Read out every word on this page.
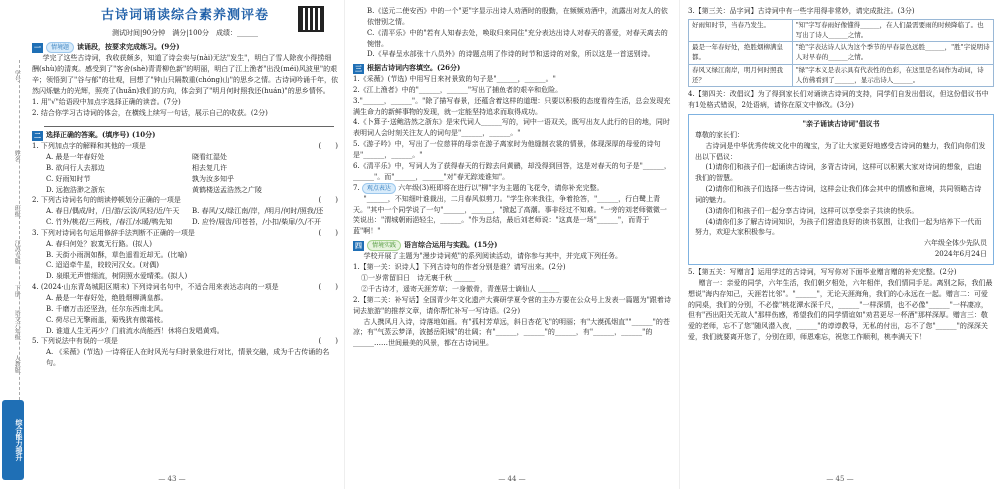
学号
姓名
班级
江苏专版
下册
语文六年级
人教版
综合能力提升
古诗词诵读综合素养测评卷
测试时间|90分钟　满分|100分　成绩：______
一	情境题	读诵段，按要求完成练习。(9分)

学完了这些古诗词，我收获颇多，知道了诗会卖与(nài)无法"发生"，明白了雪人除夜小得捞细酬(shù)的清爽。感受到了"客舍(shè)青青柳色新"的明丽，明白了江上渔者"出没(méi)风波里"的艰辛；领悟到了"谷与郁"的壮观，回想了"钟山只隔数重(chóng)山"的思乡之情。古诗词吟诵千年，依然闪烁魅力的光辉，照亮了(huǎn)我们的方向，体会到了"明月何时照我还(huán)"的思乡情怀。

1. 用"√"给语段中加点字选择正确的读音。(7分)

2. 结合你学习古诗词的体会，在横线上续写一句话，展示自己的收获。(2分)

二 选择正确的答案。(填序号) (10分)

1. 下列加点字的解释和其他的一项是	(　　)

A. 最是一年春好处	晓看红湿处
B. 欲问行人去那边	相去复几许
C. 好雨知时节	孰为汝多知乎
D. 远抱浩渺之浙东	黄鹤楼送孟浩然之广陵

2. 下列古诗词名句的朗读停顿划分正确的一项是	(　　)

A. 春日/偶成/时，/日/游/云淡/风轻/近/午天	B. 春风/又/绿江南/岸，/明月/何时/照我/还
C. 竹外/桃花/三两枝，/春江/水暖/鸭先知	D. 应怜/屐齿/印苍苔，/小扣/柴扉/久/不开

3. 下列对诗词名句运用修辞手法判断不正确的一项是	(　　)

A. 春归何处？寂寞无行路。(拟人)

B. 天街小雨润如酥，草色遥看近却无。(比喻)

C. 迢迢牵牛星，皎皎河汉女。(对偶)

D. 泉眼无声惜细流，树阴照水爱晴柔。(拟人)

4. (2024·山东青岛城阳区期末) 下列诗词名句中，不适合用来表达志向的一项是	(　　)

A. 最是一年春好处，绝胜烟柳满皇都。

B. 千磨万击还坚劲，任尔东西南北风。

C. 荷尽已无擎雨盖，菊残犹有傲霜枝。

D. 谁道人生无再少？门前流水尚能西！休将白发唱黄鸡。

5. 下列说法中有误的一项是	(　　)

A. 《采薇》(节选) 一诗将征人在时风光与归时景象进行对比，情景交融，成为千古传诵的名句。

— 43 —

B.《送元二使安西》中的一个"更"字显示出诗人劝酒时的殷勤，在频频劝酒中，流露出对友人的依依惜别之情。

C.《清平乐》中的"若有人知春去处，唤取归来同住"充分表达出诗人对春天的喜爱，对春天离去的惋惜。

D.《早春呈水部张十八员外》的诗题点明了作诗的时节和送诗的对象，所以这是一首送别诗。

三 根据古诗词内容填空。(26分)

1.《采薇》(节选) 中用写日来衬景致的句子是"______，______。"

2.《江上渔者》中的"______，______"写出了捕鱼者的艰辛和危险。

3."______，______"。"除了描写春景，还蕴含着这样的道理：只要以积极的态度看待生活，总会发现充满生命力的新鲜事物的发现，就一定能坚持追求而取得成功。

4.《卜算子·送鲍浩然之浙东》是宋代词人______写的，词中一语双关，既写出友人此行的目的地，同时表明词人会时刻关注友人的词句是"______，______。"

5.《游子吟》中，写出了一位慈祥的母亲在游子离家时为他缝制衣裳的情景，体现深厚的母爱的诗句是"______，______。"

6.《清平乐》中，写词人为了获得春天的行踪去问黄鹂，却没得到回答，这是对春天的句子是"______，______"。而"______，______"对"春无踪迹谁知"。

7. 观点表达	六年级(3)班即将在进行以"柳"字为主题的飞花令，请你补充完整。

"______，不知细叶谁裁出，二月春风似剪刀。"学生你来我往，争着抢答，"______，行白鹭上青天。"其中一个同学说了一句"______，______，"掀起了高潮。事非经过不知难。"一旁的刘老师微微一笑说出："渭城朝雨浥轻尘，______。"作为总结，最后刘老师说："这真是一场"______"，而青于蓝"啊！"

四	情境实践	语言综合运用与实践。(15分)

学校开展了主题为"漫步诗词苑"的系列阅读活动，请你参与其中，并完成下列任务。

1.【第一关：识诗人】下列古诗句的作者分别是谁？请写出来。(2分)

①一岁常留旧日　诗无裏千秋 ______

②千古诗才，遥寄天涯芳草；一身傲骨，青莲居士谪仙人 ______

2.【第二关：补写话】全国青少年文化遗产大赛研学夏令营的主办方要在公众号上发表一篇题为"跟着诗词去旅游"的推荐文章，请你帮忙补写一写诗语。(2分)

古人携风月入诗，诗落地如画。有"孤村芳草远，斜日杏花飞"的明丽；有"大漠孤烟直""______"的苍凉；有"气蒸云梦泽，波撼岳阳城"的壮阔；有"______，______"的______，有"______，______"的______……世间最美的风景，都在古诗词里。

— 44 —

3.【第三关：品字词】古诗词中有一些字用得非常妙，请完成批注。(3分)

好雨知时节，当春乃发生。	"知"字写春雨好像懂得______，在人们最需要雨的时候降临了。也写出了诗人______之情。
最是一年春好处，绝胜烟柳满皇都。	"绝"字表达诗人认为这个季节的早春景色远胜______，"胜"字说明诗人对早春的______之情。
春风又绿江南岸，明月何时照我还？	"绿"字本义是表示具有代表性的色彩，在这里是名词作为动词，诗人仿佛看到了______，显示出诗人______。

4.【第四关：改倡议】为了得到家长们对诵读古诗词的支持，同学们自发出倡议，但这份倡议书中有1处格式错误，2处语病，请你在原文中修改。(3分)

"亲子诵读古诗词"倡议书

尊敬的家长们：

古诗词是中华优秀传统文化中的瑰宝，为了让大家更好地感受古诗词的魅力，我们向你们发出以下倡议：

(1)请你们和孩子们一起诵读古诗词，多背古诗词，这样可以积累大家对诗词的想象，启迪我们的智慧。

(2)请你们和孩子们选择一些古诗词，这样会让我们体会其中的情感和意境，共同领略古诗词的魅力。

(3)请你们和孩子们一起分享古诗词，这样可以享受亲子共读的快乐。

(4)请你们多了解古诗词知识，为孩子们营造良好的读书氛围，让我们一起为培养下一代而努力，欢迎大家积极参与。

六年级全体少先队员

2024年6月24日

5.【第五关：写赠言】运用学过的古诗词，写写你对下面毕业赠言赠的补充完整。(2分)

赠言一：亲爱的同学，六年生活，我们朝夕相处，六年相伴，我们情同手足。离别之际，我们最想说"海内存知己，天涯若比邻"。"______"，无论天涯海角，我们的心永远在一起。赠言二：可爱的同桌，我们的分别，不必像"桃花潭水深千尺，______"一样深情，也不必像"______"一样凄凉，但有"西出阳关无故人"那样伤感，希望我们的同学情谊如"劝君更尽一杯酒"那样深厚。赠言三：敬爱的老师，忘不了您"随风潜入夜，______"的谆谆教导，无私的付出，忘不了您"______"的深深关爱，我们就要离开您了，分别在即，师恩难忘，祝您工作顺利，桃李满天下！

— 45 —
